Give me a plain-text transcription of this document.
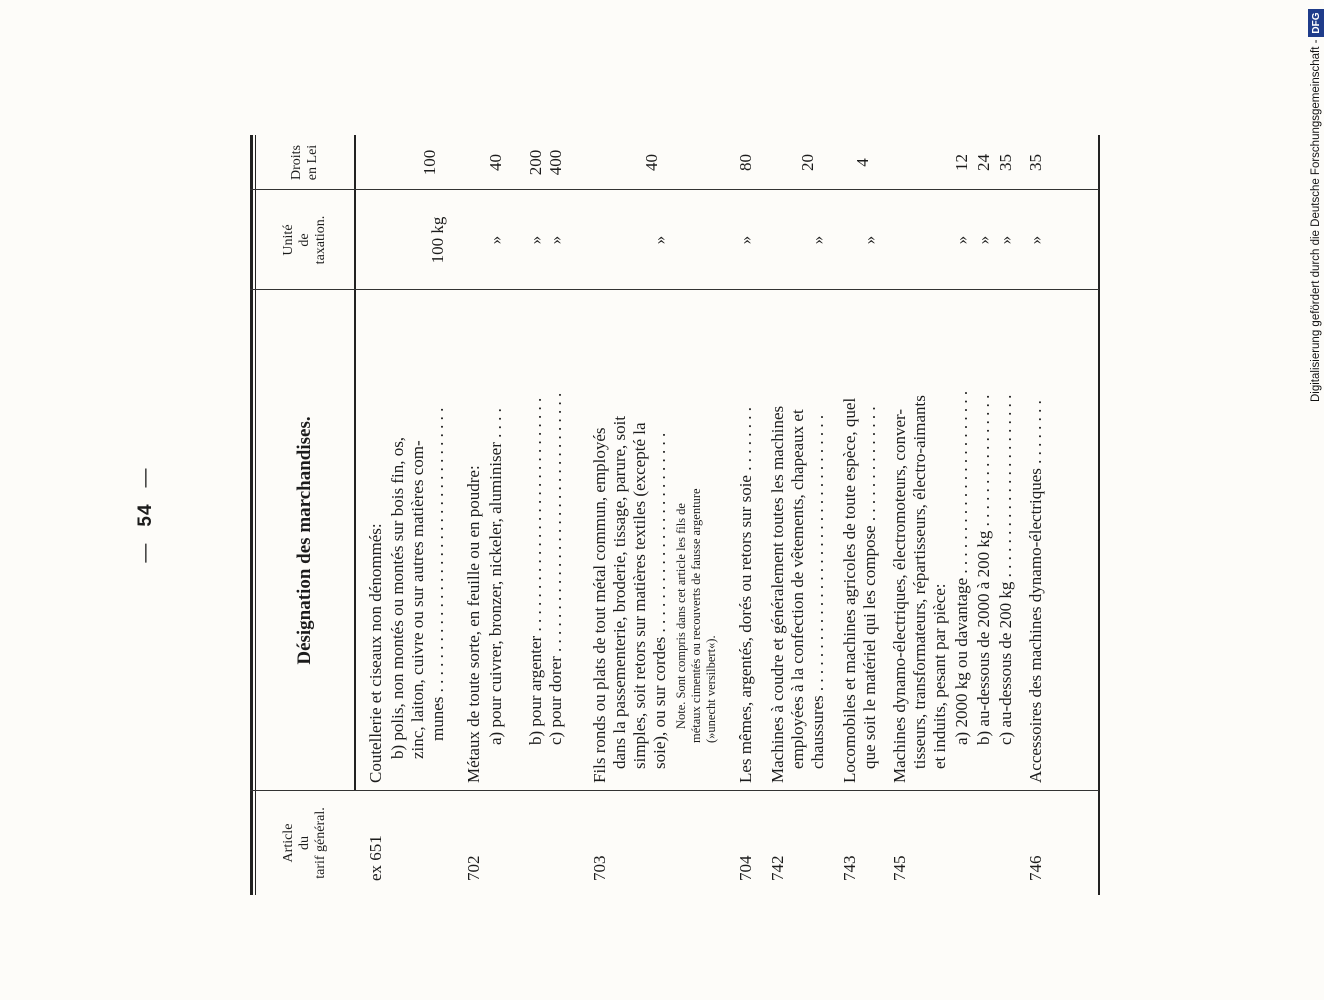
—54—
Article du tarif général.
Désignation des marchandises.
Unité de taxation.
Droits en Lei
ex 651
Coutellerie et ciseaux non dénommés: b) polis, non montés ou montés sur bois fin, os, zinc, laiton, cuivre ou sur autres matières com- munes . . . . . . . . . . . . . . . . . . . . . . . . . . . . . . . . . .
100 kg
100
702
Métaux de toute sorte, en feuille ou en poudre: a) pour cuivrer, bronzer, nickeler, aluminiser . . . .
»
40
b) pour argenter . . . . . . . . . . . . . . . . . . . . . . . . . . . .
»
200
c) pour dorer . . . . . . . . . . . . . . . . . . . . . . . . . . . . . . .
»
400
703
Fils ronds ou plats de tout métal commun, employés dans la passementerie, broderie, tissage, parure, soit simples, soit retors sur matières textiles (excepté la soie), ou sur cordes . . . . . . . . . . . . . . . . . . . . . . . .
»
40
Note. Sont compris dans cet article les fils de métaux cimentés ou recouverts de fausse argenture (»unecht versilbert«).
704
Les mêmes, argentés, dorés ou retors sur soie . . . . . . . .
»
80
742
Machines à coudre et généralement toutes les machines employées à la confection de vêtements, chapeaux et chaussures . . . . . . . . . . . . . . . . . . . . . . . . . . . . . . . . .
»
20
743
Locomobiles et machines agricoles de toute espèce, quel que soit le matériel qui les compose . . . . . . . . . . . . . .
»
4
745
Machines dynamo-électriques, électromoteurs, conver- tisseurs, transformateurs, répartisseurs, électro-aimants et induits, pesant par pièce: a) 2000 kg ou davantage . . . . . . . . . . . . . . . . . . . . . .
»
12
b) au-dessous de 2000 à 200 kg . . . . . . . . . . . . . . . .
»
24
c) au-dessous de 200 kg . . . . . . . . . . . . . . . . . . . . . .
»
35
746
Accessoires des machines dynamo-électriques . . . . . . . .
»
35	Digitalisierung gefördert durch die Deutsche Forschungsgemeinschaft -DFG
